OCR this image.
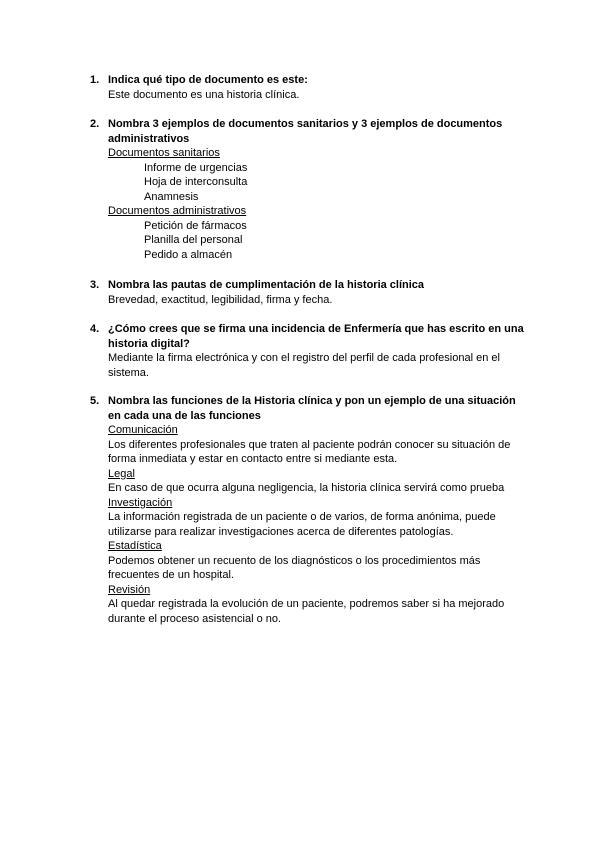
1. Indica qué tipo de documento es este:

Este documento es una historia clínica.

2. Nombra 3 ejemplos de documentos sanitarios y 3 ejemplos de documentos administrativos

Documentos sanitarios

Informe de urgencias

Hoja de interconsulta

Anamnesis

Documentos administrativos

Petición de fármacos

Planilla del personal

Pedido a almacén

3. Nombra las pautas de cumplimentación de la historia clínica

Brevedad, exactitud, legibilidad, firma y fecha.

4. ¿Cómo crees que se firma una incidencia de Enfermería que has escrito en una historia digital?

Mediante la firma electrónica y con el registro del perfil de cada profesional en el sistema.

5. Nombra las funciones de la Historia clínica y pon un ejemplo de una situación en cada una de las funciones

Comunicación

Los diferentes profesionales que traten al paciente podrán conocer su situación de forma inmediata y estar en contacto entre si mediante esta.

Legal

En caso de que ocurra alguna negligencia, la historia clínica servirá como prueba

Investigación

La información registrada de un paciente o de varios, de forma anónima, puede utilizarse para realizar investigaciones acerca de diferentes patologías.

Estadística

Podemos obtener un recuento de los diagnósticos o los procedimientos más frecuentes de un hospital.

Revisión

Al quedar registrada la evolución de un paciente, podremos saber si ha mejorado durante el proceso asistencial o no.
